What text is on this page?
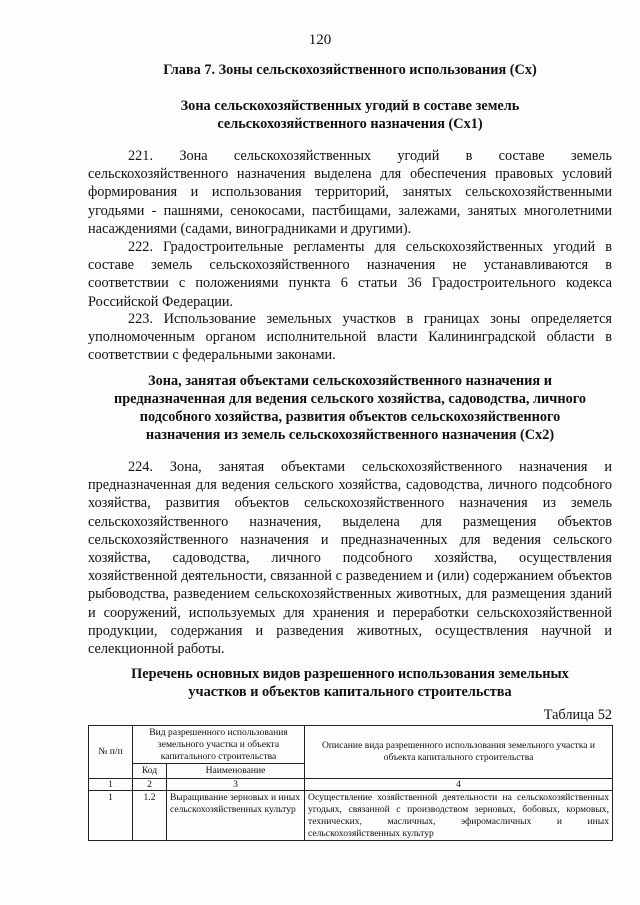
120

Глава 7. Зоны сельскохозяйственного использования (Сх)

Зона сельскохозяйственных угодий в составе земель
сельскохозяйственного назначения (Сх1)

221. Зона сельскохозяйственных угодий в составе земель сельскохозяйственного назначения выделена для обеспечения правовых условий формирования и использования территорий, занятых сельскохозяйственными угодьями - пашнями, сенокосами, пастбищами, залежами, занятых многолетними насаждениями (садами, виноградниками и другими).

222. Градостроительные регламенты для сельскохозяйственных угодий в составе земель сельскохозяйственного назначения не устанавливаются в соответствии с положениями пункта 6 статьи 36 Градостроительного кодекса Российской Федерации.

223. Использование земельных участков в границах зоны определяется уполномоченным органом исполнительной власти Калининградской области в соответствии с федеральными законами.

Зона, занятая объектами сельскохозяйственного назначения и
предназначенная для ведения сельского хозяйства, садоводства, личного
подсобного хозяйства, развития объектов сельскохозяйственного
назначения из земель сельскохозяйственного назначения (Сх2)

224. Зона, занятая объектами сельскохозяйственного назначения и предназначенная для ведения сельского хозяйства, садоводства, личного подсобного хозяйства, развития объектов сельскохозяйственного назначения из земель сельскохозяйственного назначения, выделена для размещения объектов сельскохозяйственного назначения и предназначенных для ведения сельского хозяйства, садоводства, личного подсобного хозяйства, осуществления хозяйственной деятельности, связанной с разведением и (или) содержанием объектов рыбоводства, разведением сельскохозяйственных животных, для размещения зданий и сооружений, используемых для хранения и переработки сельскохозяйственной продукции, содержания и разведения животных, осуществления научной и селекционной работы.

Перечень основных видов разрешенного использования земельных
участков и объектов капитального строительства

Таблица 52
№ п/п	Вид разрешенного использования земельного участка и объекта капитального строительства		Описание вида разрешенного использования земельного участка и объекта капитального строительства
	Код	Наименование	
1	2	3	4
1	1.2	Выращивание зерновых и иных сельскохозяйственных культур	Осуществление хозяйственной деятельности на сельскохозяйственных угодьях, связанной с производством зерновых, бобовых, кормовых, технических, масличных, эфиромасличных и иных сельскохозяйственных культур
